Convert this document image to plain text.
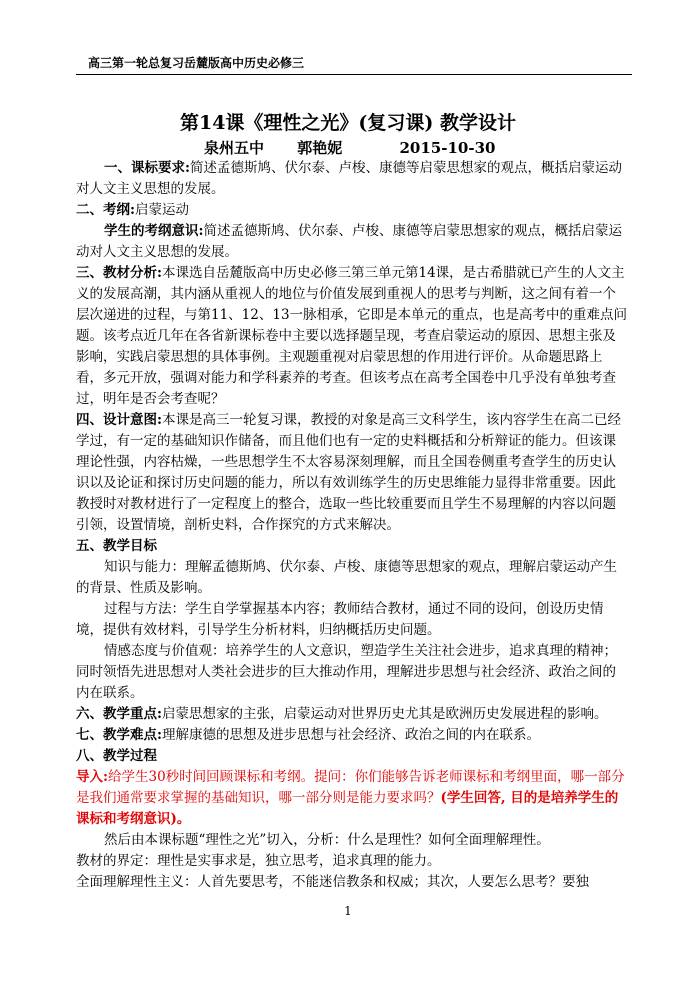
高三第一轮总复习岳麓版高中历史必修三
第14课《理性之光》(复习课) 教学设计
泉州五中 郭艳妮	2015-10-30

一、课标要求:简述孟德斯鸠、伏尔泰、卢梭、康德等启蒙思想家的观点，概括启蒙运动对人文主义思想的发展。

二、考纲:启蒙运动

学生的考纲意识:简述孟德斯鸠、伏尔泰、卢梭、康德等启蒙思想家的观点，概括启蒙运动对人文主义思想的发展。

三、教材分析:本课选自岳麓版高中历史必修三第三单元第14课，是古希腊就已产生的人文主义的发展高潮，其内涵从重视人的地位与价值发展到重视人的思考与判断，这之间有着一个层次递进的过程，与第11、12、13一脉相承，它即是本单元的重点，也是高考中的重难点问题。该考点近几年在各省新课标卷中主要以选择题呈现，考查启蒙运动的原因、思想主张及影响，实践启蒙思想的具体事例。主观题重视对启蒙思想的作用进行评价。从命题思路上看，多元开放，强调对能力和学科素养的考查。但该考点在高考全国卷中几乎没有单独考查过，明年是否会考查呢？

四、设计意图:本课是高三一轮复习课，教授的对象是高三文科学生，该内容学生在高二已经学过，有一定的基础知识作储备，而且他们也有一定的史料概括和分析辩证的能力。但该课理论性强，内容枯燥，一些思想学生不太容易深刻理解，而且全国卷侧重考查学生的历史认识以及论证和探讨历史问题的能力，所以有效训练学生的历史思维能力显得非常重要。因此教授时对教材进行了一定程度上的整合，选取一些比较重要而且学生不易理解的内容以问题引领，设置情境，剖析史料，合作探究的方式来解决。

五、教学目标

知识与能力：理解孟德斯鸠、伏尔泰、卢梭、康德等思想家的观点，理解启蒙运动产生的背景、性质及影响。

过程与方法：学生自学掌握基本内容；教师结合教材，通过不同的设问，创设历史情境，提供有效材料，引导学生分析材料，归纳概括历史问题。

情感态度与价值观：培养学生的人文意识，塑造学生关注社会进步，追求真理的精神；同时领悟先进思想对人类社会进步的巨大推动作用，理解进步思想与社会经济、政治之间的内在联系。

六、教学重点:启蒙思想家的主张，启蒙运动对世界历史尤其是欧洲历史发展进程的影响。

七、教学难点:理解康德的思想及进步思想与社会经济、政治之间的内在联系。

八、教学过程

导入:给学生30秒时间回顾课标和考纲。提问：你们能够告诉老师课标和考纲里面，哪一部分是我们通常要求掌握的基础知识，哪一部分则是能力要求吗？(学生回答, 目的是培养学生的课标和考纲意识)。

然后由本课标题“理性之光”切入，分析：什么是理性？如何全面理解理性。

教材的界定：理性是实事求是，独立思考，追求真理的能力。

全面理解理性主义：人首先要思考，不能迷信教条和权威；其次，人要怎么思考？要独

1
